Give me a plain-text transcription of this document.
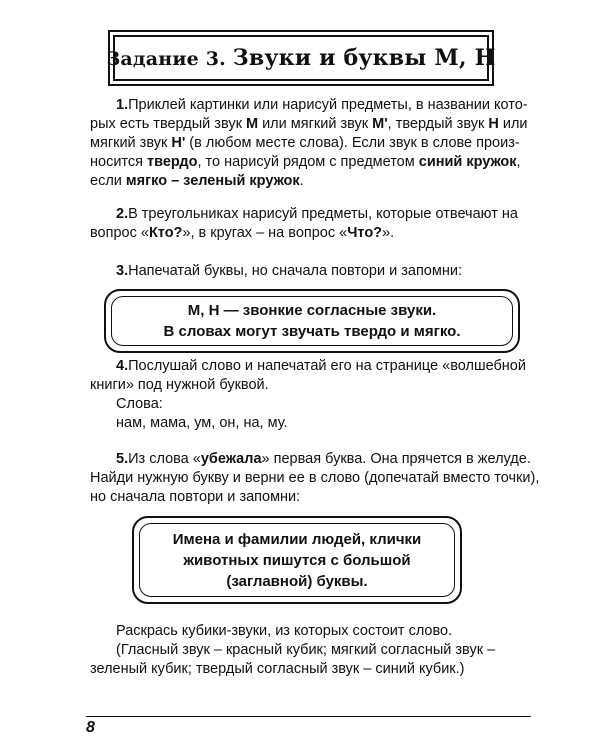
Задание 3. Звуки и буквы М, Н
1.Приклей картинки или нарисуй предметы, в названии кото-
рых есть твердый звук М или мягкий звук М', твердый звук Н или
мягкий звук Н' (в любом месте слова). Если звук в слове произ-
носится твердо, то нарисуй рядом с предметом синий кружок,
если мягко – зеленый кружок.
2.В треугольниках нарисуй предметы, которые отвечают на
вопрос «Кто?», в кругах – на вопрос «Что?».
3.Напечатай буквы, но сначала повтори и запомни:
М, Н — звонкие согласные звуки.
В словах могут звучать твердо и мягко.
4.Послушай слово и напечатай его на странице «волшебной
книги» под нужной буквой.
Слова:
нам, мама, ум, он, на, му.
5.Из слова «убежала» первая буква. Она прячется в желуде.
Найди нужную букву и верни ее в слово (допечатай вместо точки),
но сначала повтори и запомни:
Имена и фамилии людей, клички
животных пишутся с большой
(заглавной) буквы.
Раскрась кубики-звуки, из которых состоит слово.
(Гласный звук – красный кубик; мягкий согласный звук –
зеленый кубик; твердый согласный звук – синий кубик.)
8
